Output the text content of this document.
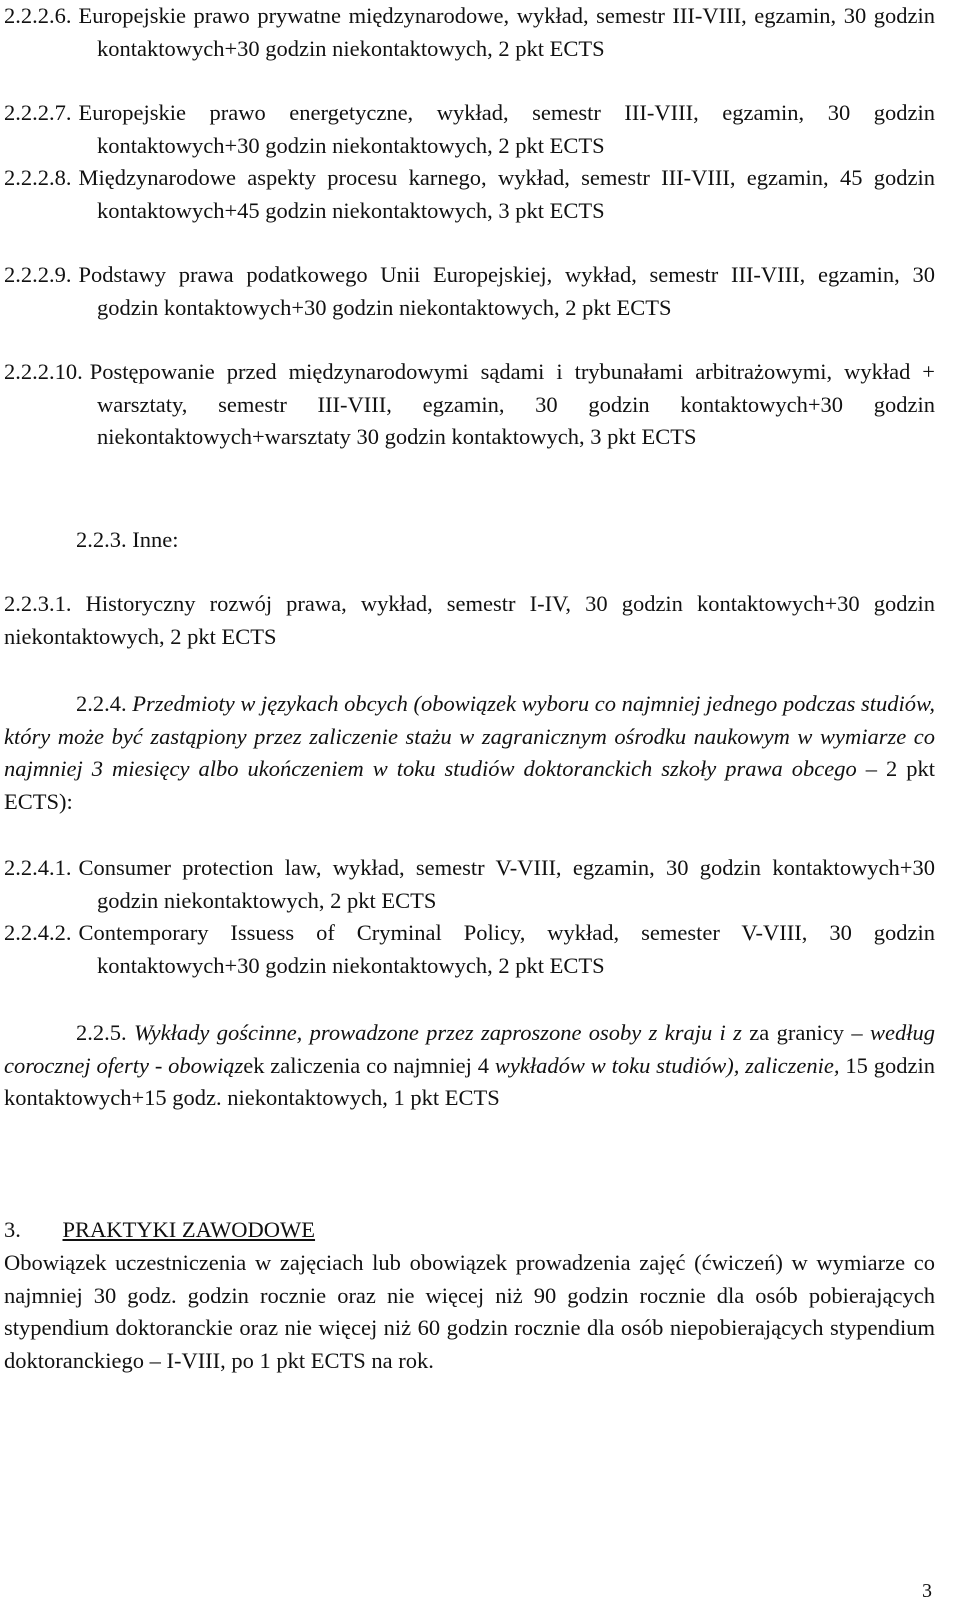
2.2.2.6. Europejskie prawo prywatne międzynarodowe, wykład, semestr III-VIII, egzamin, 30 godzin kontaktowych+30 godzin niekontaktowych, 2 pkt ECTS
2.2.2.7. Europejskie prawo energetyczne, wykład, semestr III-VIII, egzamin, 30 godzin kontaktowych+30 godzin niekontaktowych, 2 pkt ECTS
2.2.2.8. Międzynarodowe aspekty procesu karnego, wykład, semestr III-VIII, egzamin, 45 godzin kontaktowych+45 godzin niekontaktowych, 3 pkt ECTS
2.2.2.9. Podstawy prawa podatkowego Unii Europejskiej, wykład, semestr III-VIII, egzamin, 30 godzin kontaktowych+30 godzin niekontaktowych, 2 pkt ECTS
2.2.2.10. Postępowanie przed międzynarodowymi sądami i trybunałami arbitrażowymi, wykład + warsztaty, semestr III-VIII, egzamin, 30 godzin kontaktowych+30 godzin niekontaktowych+warsztaty 30 godzin kontaktowych, 3 pkt ECTS
2.2.3. Inne:
2.2.3.1. Historyczny rozwój prawa, wykład, semestr I-IV, 30 godzin kontaktowych+30 godzin niekontaktowych, 2 pkt ECTS
2.2.4. Przedmioty w językach obcych (obowiązek wyboru co najmniej jednego podczas studiów, który może być zastąpiony przez zaliczenie stażu w zagranicznym ośrodku naukowym w wymiarze co najmniej 3 miesięcy albo ukończeniem w toku studiów doktoranckich szkoły prawa obcego – 2 pkt ECTS):
2.2.4.1. Consumer protection law, wykład, semestr V-VIII, egzamin, 30 godzin kontaktowych+30 godzin niekontaktowych, 2 pkt ECTS
2.2.4.2. Contemporary Issuess of Cryminal Policy, wykład, semester V-VIII, 30 godzin kontaktowych+30 godzin niekontaktowych, 2 pkt ECTS
2.2.5. Wykłady gościnne, prowadzone przez zaproszone osoby z kraju i z za granicy – według corocznej oferty - obowiązek zaliczenia co najmniej 4 wykładów w toku studiów), zaliczenie, 15 godzin kontaktowych+15 godz. niekontaktowych, 1 pkt ECTS
3. PRAKTYKI ZAWODOWE
Obowiązek uczestniczenia w zajęciach lub obowiązek prowadzenia zajęć (ćwiczeń) w wymiarze co najmniej 30 godz. godzin rocznie oraz nie więcej niż 90 godzin rocznie dla osób pobierających stypendium doktoranckie oraz nie więcej niż 60 godzin rocznie dla osób niepobierających stypendium doktoranckiego – I-VIII, po 1 pkt ECTS na rok.
3
